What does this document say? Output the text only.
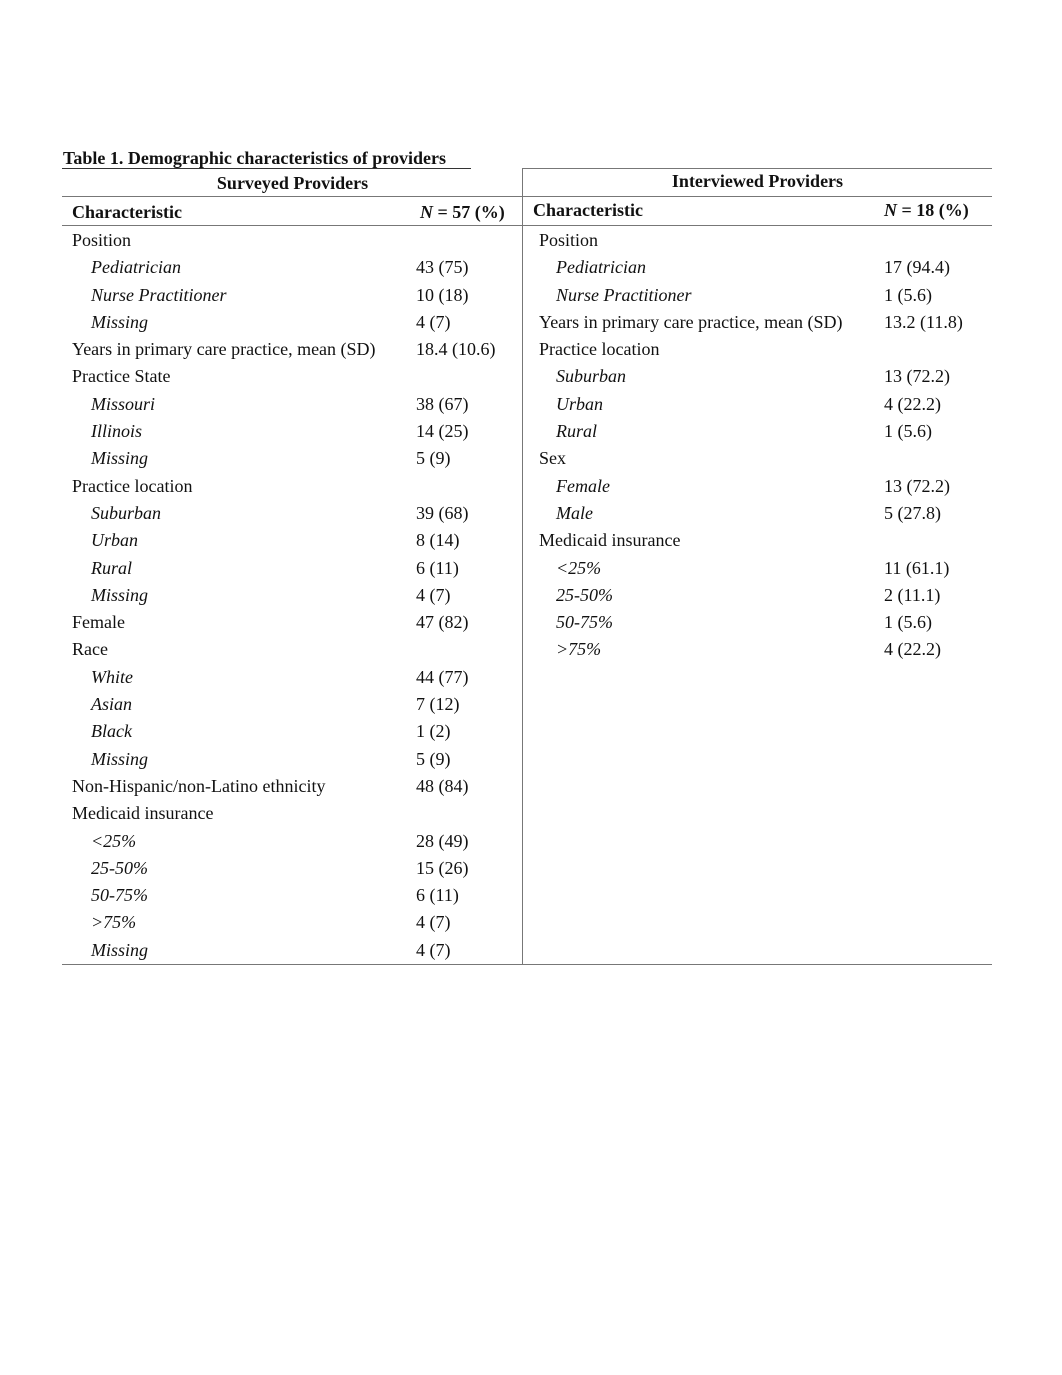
Table 1. Demographic characteristics of providers
Surveyed Providers	Interviewed Providers
Characteristic	N = 57 (%) Characteristic	N = 18 (%)
Position
Pediatrician	43 (75)
Nurse Practitioner	10 (18)
Missing	4 (7)
Years in primary care practice, mean (SD) 18.4 (10.6)
Practice State
Missouri	38 (67)
Illinois	14 (25)
Missing	5 (9)
Practice location
Suburban	39 (68)
Urban	8 (14)
Rural	6 (11)
Missing	4 (7)
Female	47 (82)
Race
White	44 (77)
Asian	7 (12)
Black	1 (2)
Missing	5 (9)
Non-Hispanic/non-Latino ethnicity	48 (84)
Medicaid insurance
<25%	28 (49)
25-50%	15 (26)
50-75%	6 (11)
>75%	4 (7)
Missing	4 (7)
Position
Pediatrician	17 (94.4)
Nurse Practitioner	1 (5.6)
Years in primary care practice, mean (SD) 13.2 (11.8)
Practice location
Suburban	13 (72.2)
Urban	4 (22.2)
Rural	1 (5.6)
Sex
Female	13 (72.2)
Male	5 (27.8)
Medicaid insurance
<25%	11 (61.1)
25-50%	2 (11.1)
50-75%	1 (5.6)
>75%	4 (22.2)
